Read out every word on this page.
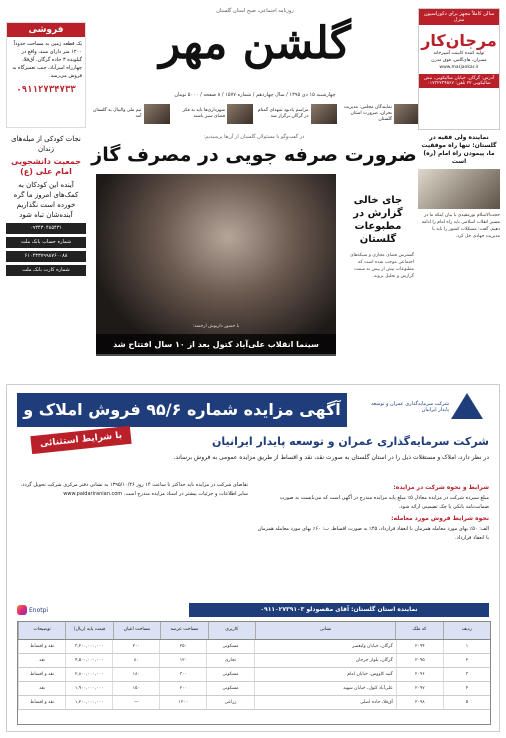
روزنامه اجتماعی، صبح استان گلستان
گلشن مهر
چهارشنبه ۱۵ دی ۱۳۹۵ / سال چهاردهم / شماره ۱۵۷۷ / ۸ صفحه / ۵۰۰۰ تومان
نمایندگان مجلس: مدیریت بحران، ضرورت استان گلستان
مراسم یادبود شهدای گمنام در گرگان برگزار شد
شهرداری‌ها باید به فکر فضای سبز باشند
تیم ملی والیبال به گلستان آمد
سالن کاملاً مجهز برای دکوراسیون منزل
مرجان‌کار
تولید کننده کابینت آشپزخانه
ممبران، های‌گلس، فوق مدرن
www.marjankar.ir
آدرس: گرگان، خیابان شالیکوبی، نبش شالیکوبی ۲۲ تلفن: ۰۱۷۳۲۲۳۴۵۶۷
فروشی
یک قطعه زمین به مساحت حدوداً ۱۲۰۰ متر دارای سند، واقع در گیلونده ۳ جاده گرگان، آق‌قلا، چهارراه امیرآباد، جنب تعمیرگاه به فروش می‌رسد.
۰۹۱۱۲۷۳۴۷۳۳
نجات کودکی از میله‌های زندان
جمعیت دانشجویی امام علی (ع)
آینده این کودکان به کمک‌های امروز ما گره خورده است نگذاریم آینده‌شان تباه شود
۰۹۳۴۳۰۴۸۵۴۳۱
شماره حساب بانک ملت
۶۱۰۴۳۳۷۹۹۸۷۶۰۰۸۸
شماره کارت بانک ملت
در گفت‌وگو با مسئولان گلستان از آن‌ها پرسیدیم:
ضرورت صرفه جویی در مصرف گاز
با حضور داریوش ارجمند:
سینما انقلاب علی‌آباد کتول بعد از ۱۰ سال افتتاح شد
جای خالی گزارش در مطبوعات گلستان
گسترش فضای مجازی و شبکه‌های اجتماعی موجب شده است که مطبوعات بیش از پیش به سمت گزارش و تحلیل بروند.
نماینده ولی فقیه در گلستان: تنها راه موفقیت ما، پیمودن راه امام (ره) است
حجت‌الاسلام نورمفیدی با بیان اینکه ما در مسیر انقلاب اسلامی باید راه امام را ادامه دهیم، گفت: مشکلات کشور را باید با مدیریت جهادی حل کرد.
آگهی مزایده شماره ۹۵/۶ فروش املاک و مستغلات
با شرایط استثنائی
شرکت سرمایه‌گذاری عمران و توسعه پایدار ایرانیان
شرکت سرمایه‌گذاری عمران و توسعه پایدار ایرانیان
در نظر دارد، املاک و مستغلات ذیل را در استان گلستان به صورت نقد، نقد و اقساط از طریق مزایده عمومی به فروش برساند.
شرایط و نحوه شرکت در مزایده:
مبلغ سپرده شرکت در مزایده معادل ۵٪ مبلغ پایه مزایده مندرج در آگهی است که می‌بایست به صورت ضمانت‌نامه بانکی یا چک تضمینی ارائه شود.
نحوه شرایط فروش مورد معامله:
الف: ۵۰٪ بهای مورد معامله همزمان با انعقاد قرارداد، ۴۵٪ به صورت اقساط. ب: ۶۰٪ بهای مورد معامله همزمان با انعقاد قرارداد.
تقاضای شرکت در مزایده باید حداکثر تا ساعت ۱۴ روز ۱۳۹۵/۱۰/۲۶ به نشانی دفتر مرکزی شرکت تحویل گردد. سایر اطلاعات و جزئیات بیشتر در اسناد مزایده مندرج است. www.paidariranian.com
نماینده استان گلستان: آقای مقصودلو ۰۹۱۱۰۲۷۳۹۱۰۳
Enotpi
ردیف
کد ملک
نشانی
کاربری
مساحت عرصه
مساحت اعیان
قیمت پایه (ریال)
توضیحات
۱
۲۰۹۴
گرگان، خیابان ولیعصر
مسکونی
۲۵۰
۲۰۰
۳,۲۰۰,۰۰۰,۰۰۰
نقد و اقساط
۲
۲۰۹۵
گرگان، بلوار جرجان
تجاری
۱۲۰
۸۰
۴,۵۰۰,۰۰۰,۰۰۰
نقد
۳
۲۰۹۶
گنبد کاووس، خیابان امام
مسکونی
۳۰۰
۱۸۰
۲,۸۰۰,۰۰۰,۰۰۰
نقد و اقساط
۴
۲۰۹۷
علی‌آباد کتول، خیابان شهید
مسکونی
۲۰۰
۱۵۰
۱,۹۰۰,۰۰۰,۰۰۰
نقد
۵
۲۰۹۸
آق‌قلا، جاده اصلی
زراعی
۱۲۰۰
—
۱,۲۰۰,۰۰۰,۰۰۰
نقد و اقساط
